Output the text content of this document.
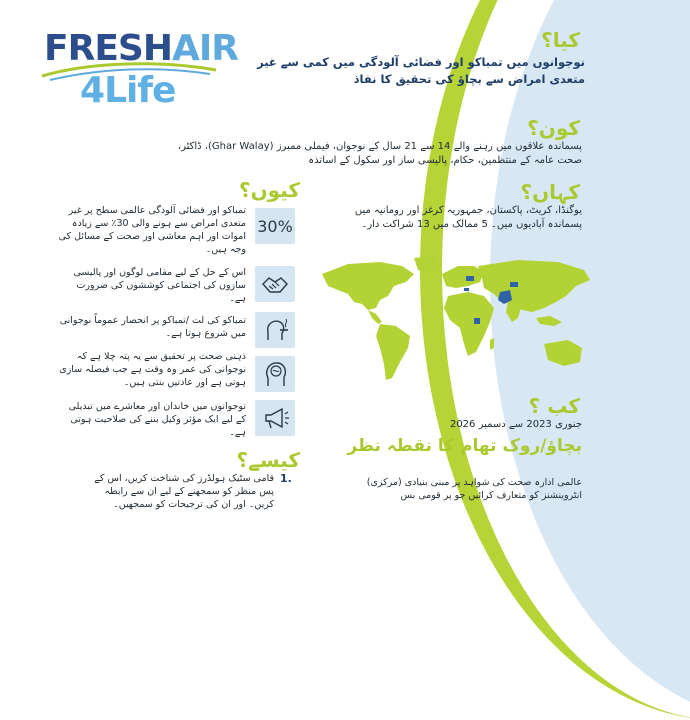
FRESHAIR
4Life
کیا؟
نوجوانوں میں تمباکو اور فضائی آلودگی میں کمی سے غیر متعدی امراض سے بچاؤ کی تحقیق کا نفاذ
کون؟
پسماندہ علاقوں میں رہنے والے 14 سے 21 سال کے نوجوان، فیملی ممبرز (Ghar Walay)، ڈاکٹر، صحت عامہ کے منتظمین، حکام، پالیسی ساز اور سکول کے اساتذہ
کیوں؟	کہاں؟
یوگنڈا، کریٹ، پاکستان، جمہوریہ کرغز اور رومانیہ میں پسماندہ آبادیوں میں۔ 5 ممالک میں 13 شراکت دار۔
30%
تمباکو اور فضائی آلودگی عالمی سطح پر غیر متعدی امراض سے ہونے والی 30٪ سے زیادہ اموات اور اہم معاشی اور صحت کے مسائل کی وجہ ہیں۔
اس کے حل کے لیے مقامی لوگوں اور پالیسی سازوں کی اجتماعی کوششوں کی ضرورت ہے۔
تمباکو کی لت /تمباکو پر انحصار عموماً نوجوانی میں شروع ہوتا ہے۔
ذہنی صحت پر تحقیق سے یہ پتہ چلا ہے کہ نوجوانی کی عمر وہ وقت ہے جب فیصلہ سازی ہوتی ہے اور عادتیں بنتی ہیں۔
نوجوانوں میں خاندان اور معاشرے میں تبدیلی کے لیے ایک مؤثر وکیل بننے کی صلاحیت ہوتی ہے۔
کیسے؟
1.
قامی سٹیک ہولڈرز کی شناخت کریں، اس کے پس منظر کو سمجھنے کے لیے ان سے رابطہ کریں۔ اور ان کی ترجیحات کو سمجھیں۔
کب ؟
جنوری 2023 سے دسمبر 2026
بچاؤ/روک تھام کا نقطہ نظر
عالمی ادارہ صحت کی شواہد پر مبنی بنیادی (مرکزی) انٹروینشنز کو متعارف کرائیں جو پر قومی بس
